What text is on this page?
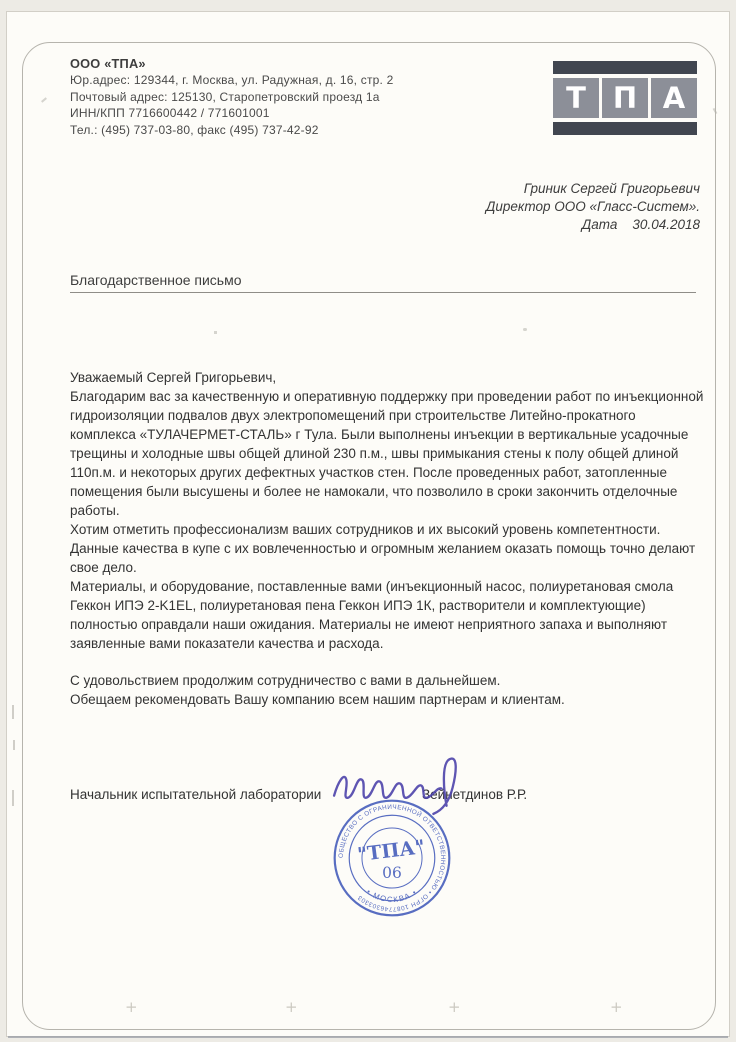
ООО «ТПА»
Юр.адрес: 129344, г. Москва, ул. Радужная, д. 16, стр. 2
Почтовый адрес: 125130, Старопетровский проезд 1а
ИНН/КПП 7716600442 / 771601001
Тел.: (495) 737-03-80, факс (495) 737-42-92
Т П А
Гриник Сергей Григорьевич
Директор ООО «Гласс-Систем».
Дата 30.04.2018
Благодарственное письмо

Уважаемый Сергей Григорьевич,

Благодарим вас за качественную и оперативную поддержку при проведении работ по инъекционной гидроизоляции подвалов двух электропомещений при строительстве Литейно-прокатного комплекса «ТУЛАЧЕРМЕТ-СТАЛЬ» г Тула. Были выполнены инъекции в вертикальные усадочные трещины и холодные швы общей длиной 230 п.м., швы примыкания стены к полу общей длиной 110п.м. и некоторых других дефектных участков стен. После проведенных работ, затопленные помещения были высушены и более не намокали, что позволило в сроки закончить отделочные работы.

Хотим отметить профессионализм ваших сотрудников и их высокий уровень компетентности. Данные качества в купе с их вовлеченностью и огромным желанием оказать помощь точно делают свое дело.

Материалы, и оборудование, поставленные вами (инъекционный насос, полиуретановая смола Геккон ИПЭ 2-K1EL, полиуретановая пена Геккон ИПЭ 1К, растворители и комплектующие) полностью оправдали наши ожидания. Материалы не имеют неприятного запаха и выполняют заявленные вами показатели качества и расхода.

С удовольствием продолжим сотрудничество с вами в дальнейшем.

Обещаем рекомендовать Вашу компанию всем нашим партнерам и клиентам.

Начальник испытательной лаборатории	Зейнетдинов Р.Р.
ОБЩЕСТВО С ОГРАНИЧЕННОЙ ОТВЕТСТВЕННОСТЬЮ • ОГРН 1087746303303
• МОСКВА •
"ТПА"
06
+	+	+	+
